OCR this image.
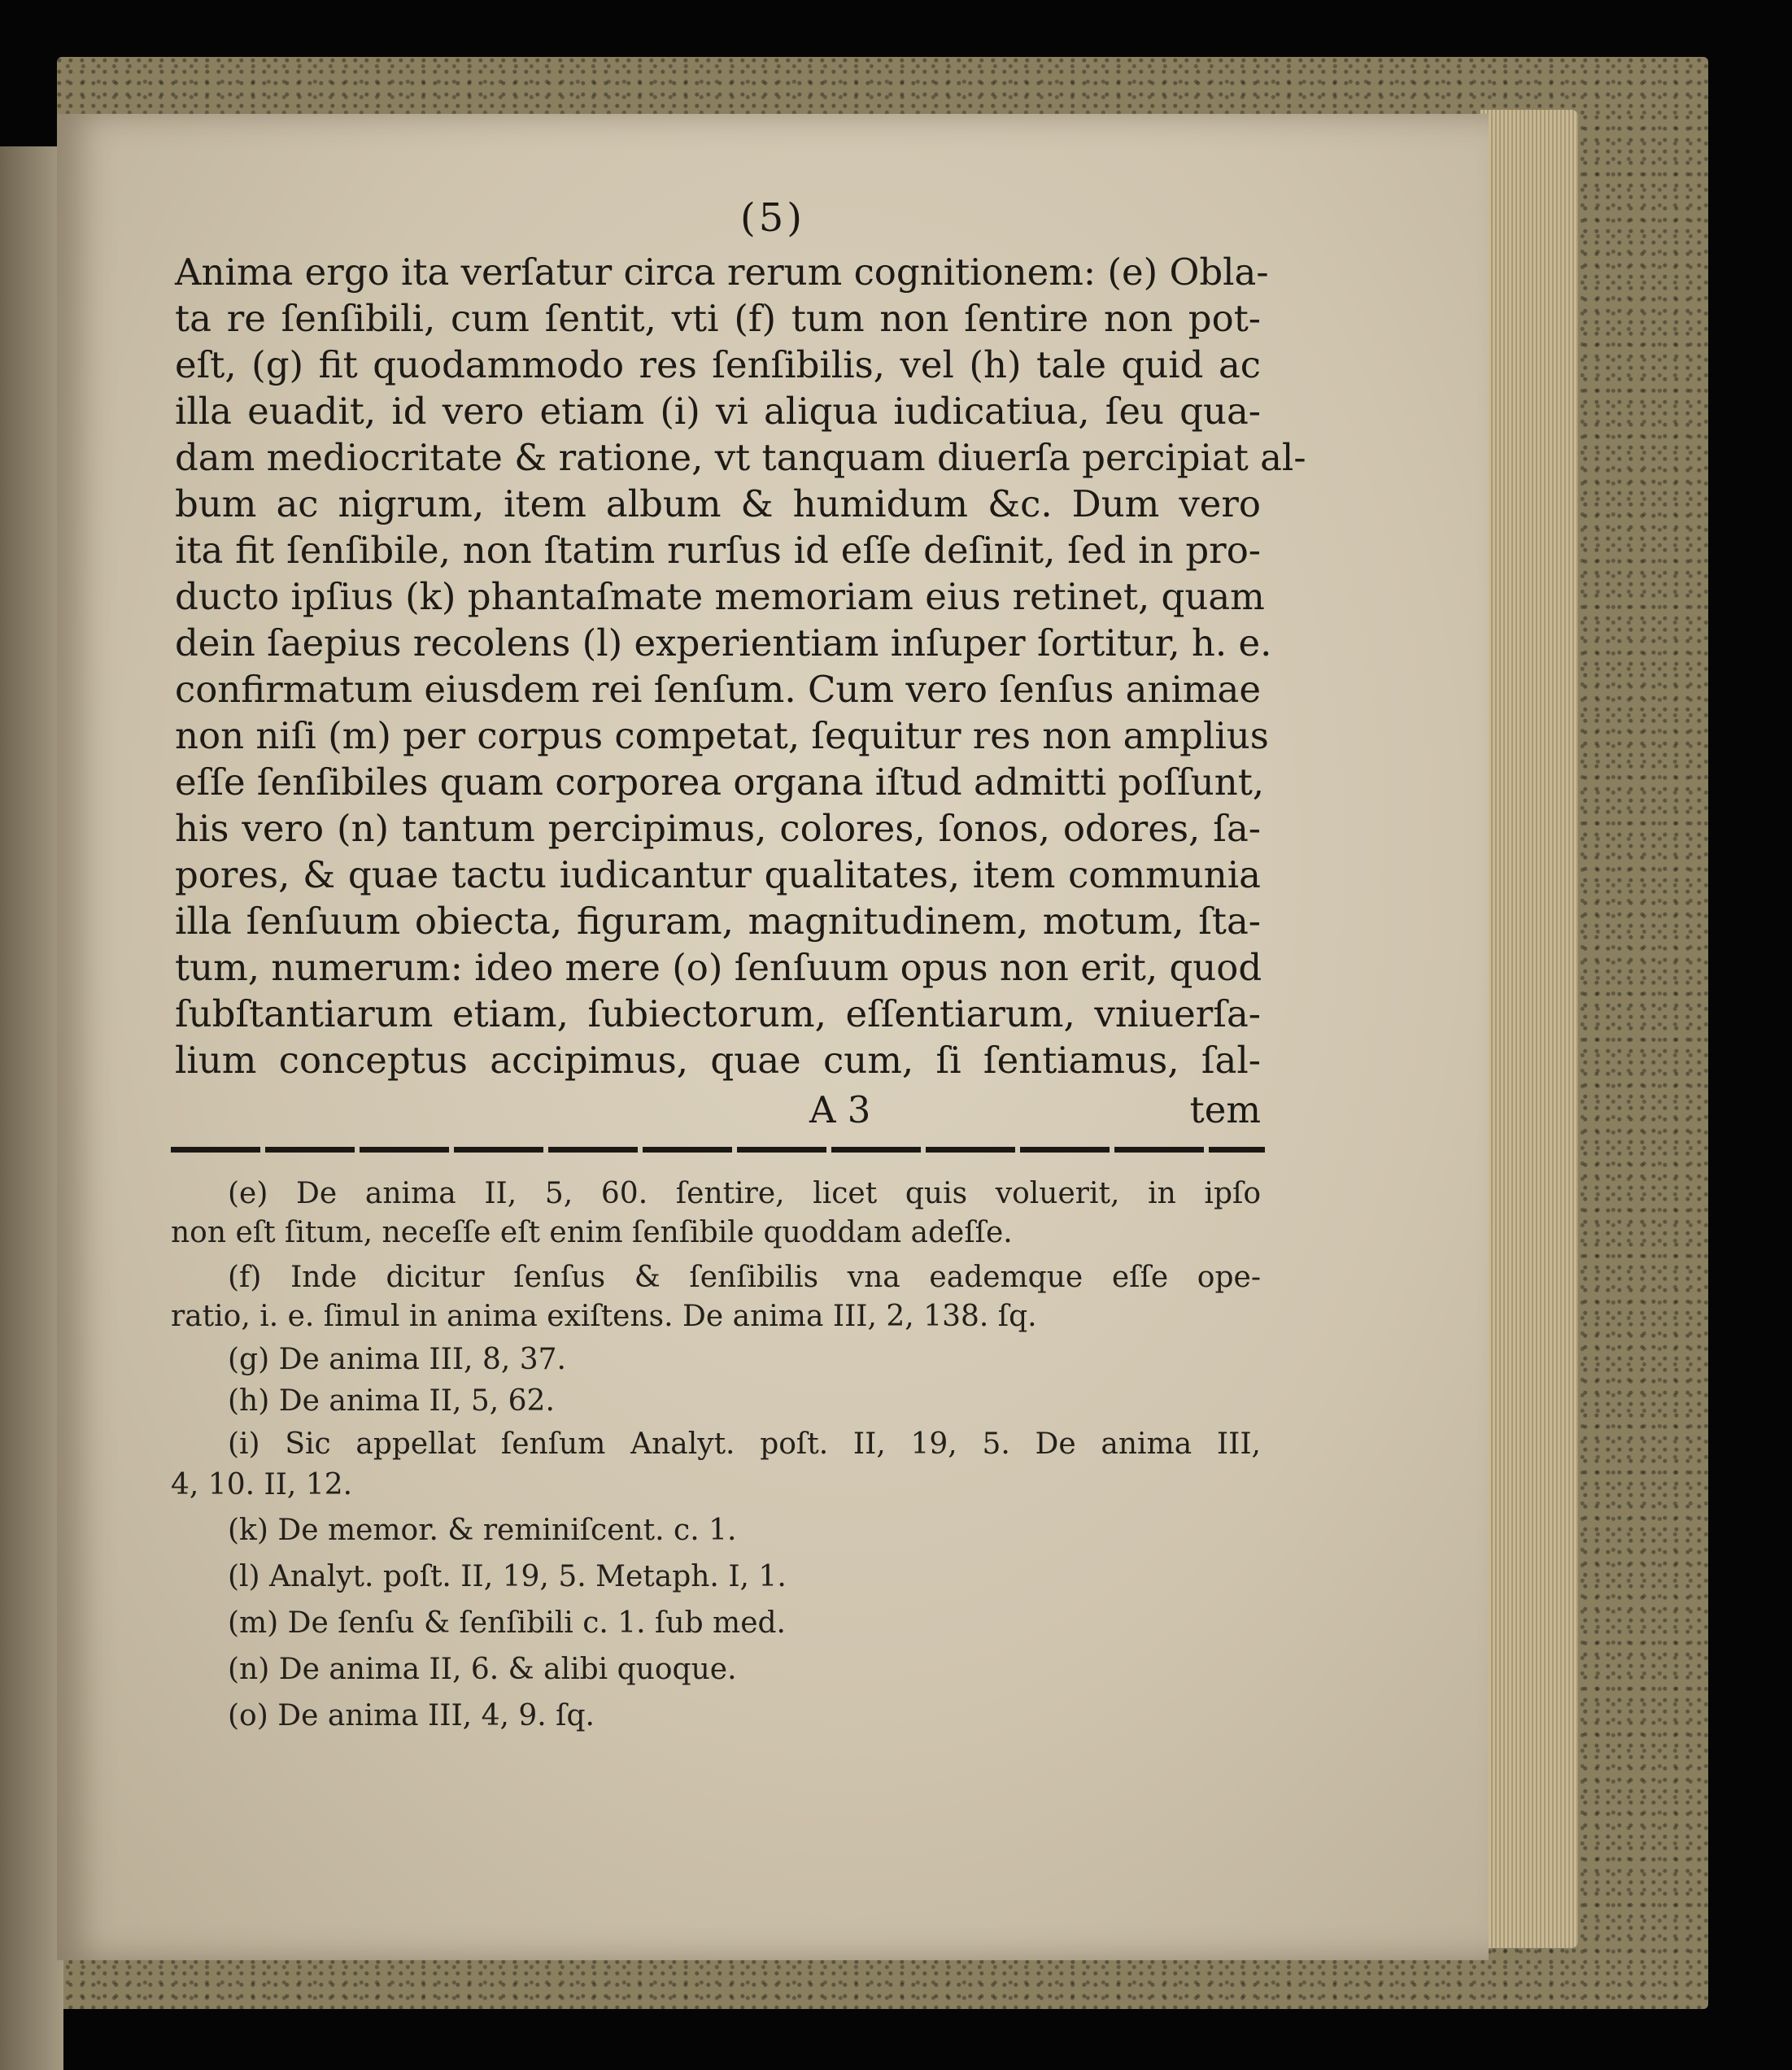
(5)
Anima ergo ita verſatur circa rerum cognitionem: (e) Obla-
ta re ſenſibili, cum ſentit, vti (f) tum non ſentire non pot-
eſt, (g) fit quodammodo res ſenſibilis, vel (h) tale quid ac
illa euadit, id vero etiam (i) vi aliqua iudicatiua, ſeu qua-
dam mediocritate & ratione, vt tanquam diuerſa percipiat al-
bum ac nigrum, item album & humidum &c. Dum vero
ita fit ſenſibile, non ſtatim rurſus id eſſe deſinit, ſed in pro-
ducto ipſius (k) phantaſmate memoriam eius retinet, quam
dein ſaepius recolens (l) experientiam inſuper ſortitur, h. e.
confirmatum eiusdem rei ſenſum. Cum vero ſenſus animae
non niſi (m) per corpus competat, ſequitur res non amplius
eſſe ſenſibiles quam corporea organa iſtud admitti poſſunt,
his vero (n) tantum percipimus, colores, ſonos, odores, ſa-
pores, & quae tactu iudicantur qualitates, item communia
illa ſenſuum obiecta, figuram, magnitudinem, motum, ſta-
tum, numerum: ideo mere (o) ſenſuum opus non erit, quod
ſubſtantiarum etiam, ſubiectorum, eſſentiarum, vniuerſa-
lium conceptus accipimus, quae cum, ſi ſentiamus, ſal-
A 3	tem
(e) De anima II, 5, 60. ſentire, licet quis voluerit, in ipſo
non eſt ſitum, neceſſe eſt enim ſenſibile quoddam adeſſe.
(f) Inde dicitur ſenſus & ſenſibilis vna eademque eſſe ope-
ratio, i. e. ſimul in anima exiſtens. De anima III, 2, 138. ſq.
(g) De anima III, 8, 37.
(h) De anima II, 5, 62.
(i) Sic appellat ſenſum Analyt. poſt. II, 19, 5. De anima III,
4, 10. II, 12.
(k) De memor. & reminiſcent. c. 1.
(l) Analyt. poſt. II, 19, 5. Metaph. I, 1.
(m) De ſenſu & ſenſibili c. 1. ſub med.
(n) De anima II, 6. & alibi quoque.
(o) De anima III, 4, 9. ſq.
